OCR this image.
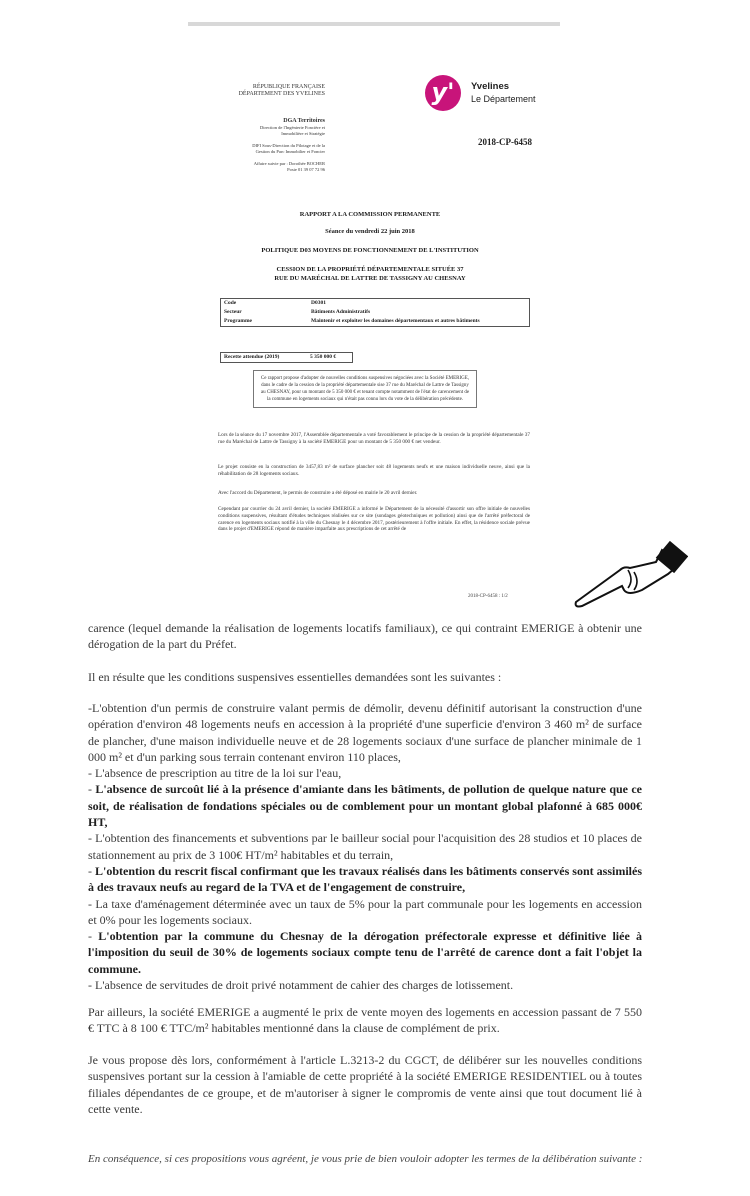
RÉPUBLIQUE FRANÇAISE
DÉPARTEMENT DES YVELINES
DGA Territoires
Direction de l'Ingénierie Foncière et
Immobilière et Stratégie
DIFI Sous-Direction du Pilotage et de la
Gestion du Parc Immobilier et Foncier
Affaire suivie par : Dorothée BOCHER
Poste 01 39 07 72 96
y'	Yvelines
Le Département
2018-CP-6458
RAPPORT A LA COMMISSION PERMANENTE
Séance du vendredi 22 juin 2018
POLITIQUE D03 MOYENS DE FONCTIONNEMENT DE L'INSTITUTION
CESSION DE LA PROPRIÉTÉ DÉPARTEMENTALE SITUÉE 37
RUE DU MARÉCHAL DE LATTRE DE TASSIGNY AU CHESNAY
Code	D0301
Secteur	Bâtiments Administratifs
Programme	Maintenir et exploiter les domaines départementaux et autres bâtiments
Recette attendue (2019)	5 350 000 €
Ce rapport propose d'adopter de nouvelles conditions suspensives négociées avec la Société EMERIGE, dans le cadre de la cession de la propriété départementale sise 37 rue du Maréchal de Lattre de Tassigny au CHESNAY, pour un montant de 5 350 000 € et tenant compte notamment de l'état de carencement de la commune en logements sociaux qui n'était pas connu lors du vote de la délibération précédente.
Lors de la séance du 17 novembre 2017, l'Assemblée départementale a voté favorablement le principe de la cession de la propriété départementale 37 rue du Maréchal de Lattre de Tassigny à la société EMERIGE pour un montant de 5 350 000 € net vendeur.
Le projet consiste en la construction de 3457,83 m² de surface plancher soit 48 logements neufs et une maison individuelle neuve, ainsi que la réhabilitation de 28 logements sociaux.
Avec l'accord du Département, le permis de construire a été déposé en mairie le 20 avril dernier.
Cependant par courrier du 24 avril dernier, la société EMERIGE a informé le Département de la nécessité d'assortir son offre initiale de nouvelles conditions suspensives, résultant d'études techniques réalisées sur ce site (sondages géotechniques et pollution) ainsi que de l'arrêté préfectoral de carence en logements sociaux notifié à la ville du Chesnay le 4 décembre 2017, postérieurement à l'offre initiale. En effet, la résidence sociale prévue dans le projet d'EMERIGE répond de manière imparfaite aux prescriptions de cet arrêté de
2018-CP-6458 : 1/2
carence (lequel demande la réalisation de logements locatifs familiaux), ce qui contraint EMERIGE à obtenir une dérogation de la part du Préfet.
Il en résulte que les conditions suspensives essentielles demandées sont les suivantes :
-L'obtention d'un permis de construire valant permis de démolir, devenu définitif autorisant la construction d'une opération d'environ 48 logements neufs en accession à la propriété d'une superficie d'environ 3 460 m² de surface de plancher, d'une maison individuelle neuve et de 28 logements sociaux d'une surface de plancher minimale de 1 000 m² et d'un parking sous terrain contenant environ 110 places,
- L'absence de prescription au titre de la loi sur l'eau,
- L'absence de surcoût lié à la présence d'amiante dans les bâtiments, de pollution de quelque nature que ce soit, de réalisation de fondations spéciales ou de comblement pour un montant global plafonné à 685 000€ HT,
- L'obtention des financements et subventions par le bailleur social pour l'acquisition des 28 studios et 10 places de stationnement au prix de 3 100€ HT/m² habitables et du terrain,
- L'obtention du rescrit fiscal confirmant que les travaux réalisés dans les bâtiments conservés sont assimilés à des travaux neufs au regard de la TVA et de l'engagement de construire,
- La taxe d'aménagement déterminée avec un taux de 5% pour la part communale pour les logements en accession et 0% pour les logements sociaux.
- L'obtention par la commune du Chesnay de la dérogation préfectorale expresse et définitive liée à l'imposition du seuil de 30% de logements sociaux compte tenu de l'arrêté de carence dont a fait l'objet la commune.
- L'absence de servitudes de droit privé notamment de cahier des charges de lotissement.
Par ailleurs, la société EMERIGE a augmenté le prix de vente moyen des logements en accession passant de 7 550 € TTC à 8 100 € TTC/m² habitables mentionné dans la clause de complément de prix.
Je vous propose dès lors, conformément à l'article L.3213-2 du CGCT, de délibérer sur les nouvelles conditions suspensives portant sur la cession à l'amiable de cette propriété à la société EMERIGE RESIDENTIEL ou à toutes filiales dépendantes de ce groupe, et de m'autoriser à signer le compromis de vente ainsi que tout document lié à cette vente.
En conséquence, si ces propositions vous agréent, je vous prie de bien vouloir adopter les termes de la délibération suivante :
